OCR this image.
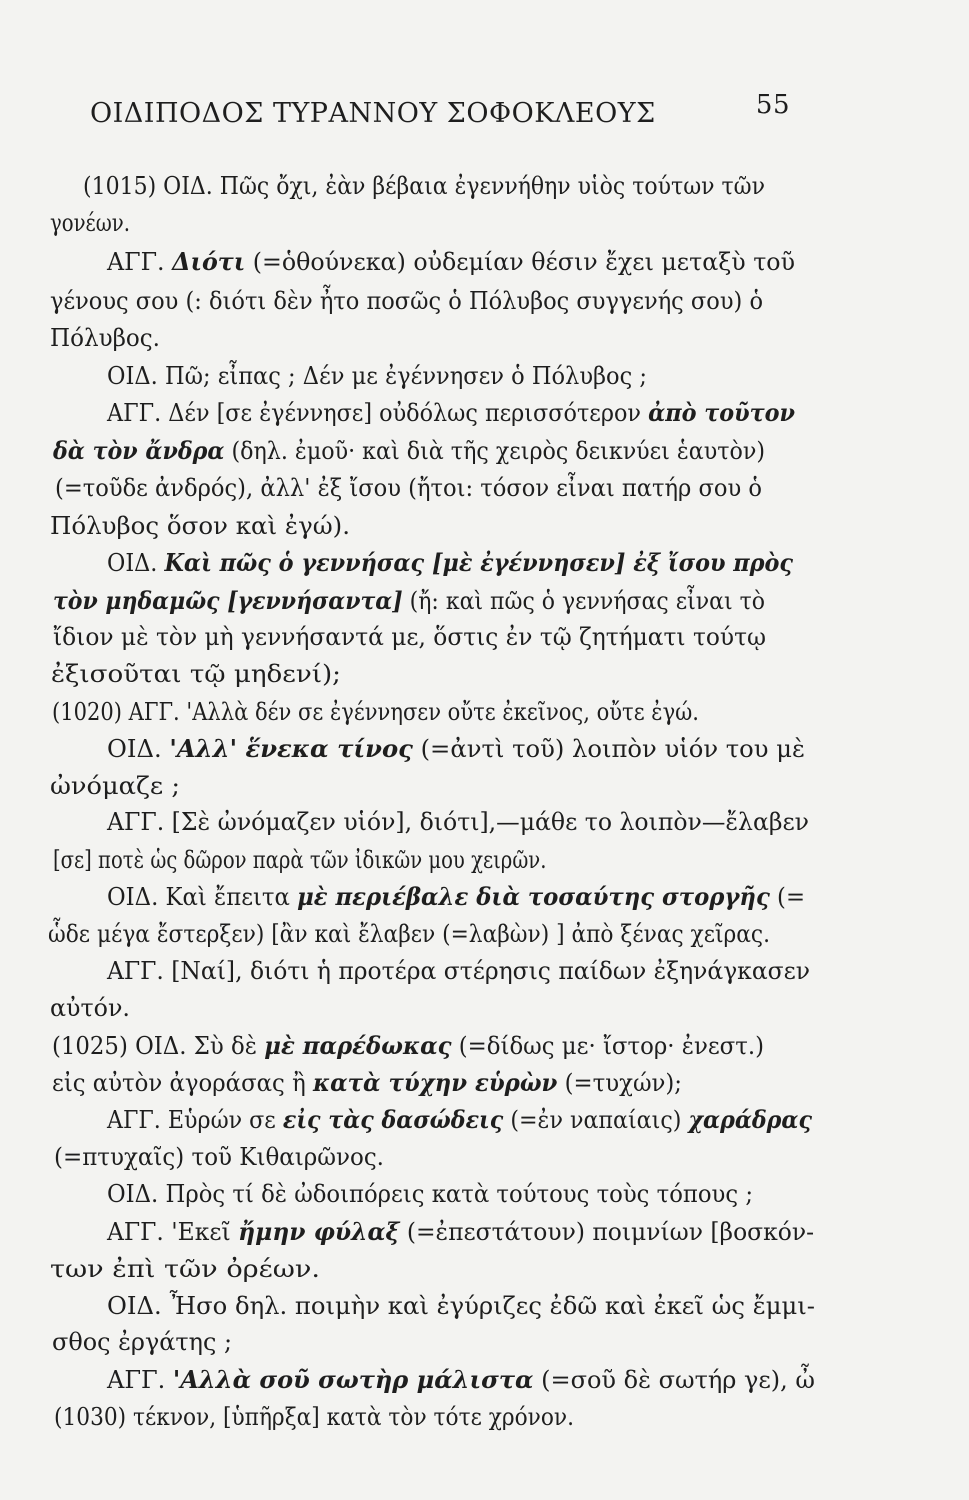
ΟΙΔΙΠΟΔΟΣ ΤΥΡΑΝΝΟΥ ΣΟΦΟΚΛΕΟΥΣ	55
(1015) ΟΙΔ. Πῶς ὄχι, ἐὰν βέβαια ἐγεννήθην υἱὸς τούτων τῶν
γονέων.
ΑΓΓ. Διότι (=ὁθούνεκα) οὐδεμίαν θέσιν ἔχει μεταξὺ τοῦ
γένους σου (: διότι δὲν ἦτο ποσῶς ὁ Πόλυβος συγγενής σου) ὁ
Πόλυβος.
ΟΙΔ. Πῶ; εἶπας ; Δέν με ἐγέννησεν ὁ Πόλυβος ;
ΑΓΓ. Δέν [σε ἐγέννησε] οὐδόλως περισσότερον ἀπὸ τοῦτον
δὰ τὸν ἄνδρα (δηλ. ἐμοῦ· καὶ διὰ τῆς χειρὸς δεικνύει ἑαυτὸν)
(=τοῦδε ἀνδρός), ἀλλ' ἐξ ἴσου (ἤτοι: τόσον εἶναι πατήρ σου ὁ
Πόλυβος ὅσον καὶ ἐγώ).
ΟΙΔ. Καὶ πῶς ὁ γεννήσας [μὲ ἐγέννησεν] ἐξ ἴσου πρὸς
τὸν μηδαμῶς [γεννήσαντα] (ἤ: καὶ πῶς ὁ γεννήσας εἶναι τὸ
ἴδιον μὲ τὸν μὴ γεννήσαντά με, ὅστις ἐν τῷ ζητήματι τούτῳ
ἐξισοῦται τῷ μηδενί);
(1020) ΑΓΓ. 'Αλλὰ δέν σε ἐγέννησεν οὔτε ἐκεῖνος, οὔτε ἐγώ.
ΟΙΔ. 'Αλλ' ἕνεκα τίνος (=ἀντὶ τοῦ) λοιπὸν υἱόν του μὲ
ὠνόμαζε ;
ΑΓΓ. [Σὲ ὠνόμαζεν υἱόν], διότι],—μάθε το λοιπὸν—ἔλαβεν
[σε] ποτὲ ὡς δῶρον παρὰ τῶν ἰδικῶν μου χειρῶν.
ΟΙΔ. Καὶ ἔπειτα μὲ περιέβαλε διὰ τοσαύτης στοργῆς (=
ὧδε μέγα ἔστερξεν) [ἂν καὶ ἔλαβεν (=λαβὼν) ] ἀπὸ ξένας χεῖρας.
ΑΓΓ. [Ναί], διότι ἡ προτέρα στέρησις παίδων ἐξηνάγκασεν
αὐτόν.
(1025) ΟΙΔ. Σὺ δὲ μὲ παρέδωκας (=δίδως με· ἴστορ· ἐνεστ.)
εἰς αὐτὸν ἀγοράσας ἢ κατὰ τύχην εὑρὼν (=τυχών);
ΑΓΓ. Εὑρών σε εἰς τὰς δασώδεις (=ἐν ναπαίαις) χαράδρας
(=πτυχαῖς) τοῦ Κιθαιρῶνος.
ΟΙΔ. Πρὸς τί δὲ ὠδοιπόρεις κατὰ τούτους τοὺς τόπους ;
ΑΓΓ. 'Εκεῖ ἤμην φύλαξ (=ἐπεστάτουν) ποιμνίων [βοσκόν-
των ἐπὶ τῶν ὀρέων.
ΟΙΔ. Ἦσο δηλ. ποιμὴν καὶ ἐγύριζες ἐδῶ καὶ ἐκεῖ ὡς ἔμμι-
σθος ἐργάτης ;
ΑΓΓ. 'Αλλὰ σοῦ σωτὴρ μάλιστα (=σοῦ δὲ σωτήρ γε), ὦ
(1030) τέκνον, [ὑπῆρξα] κατὰ τὸν τότε χρόνον.
